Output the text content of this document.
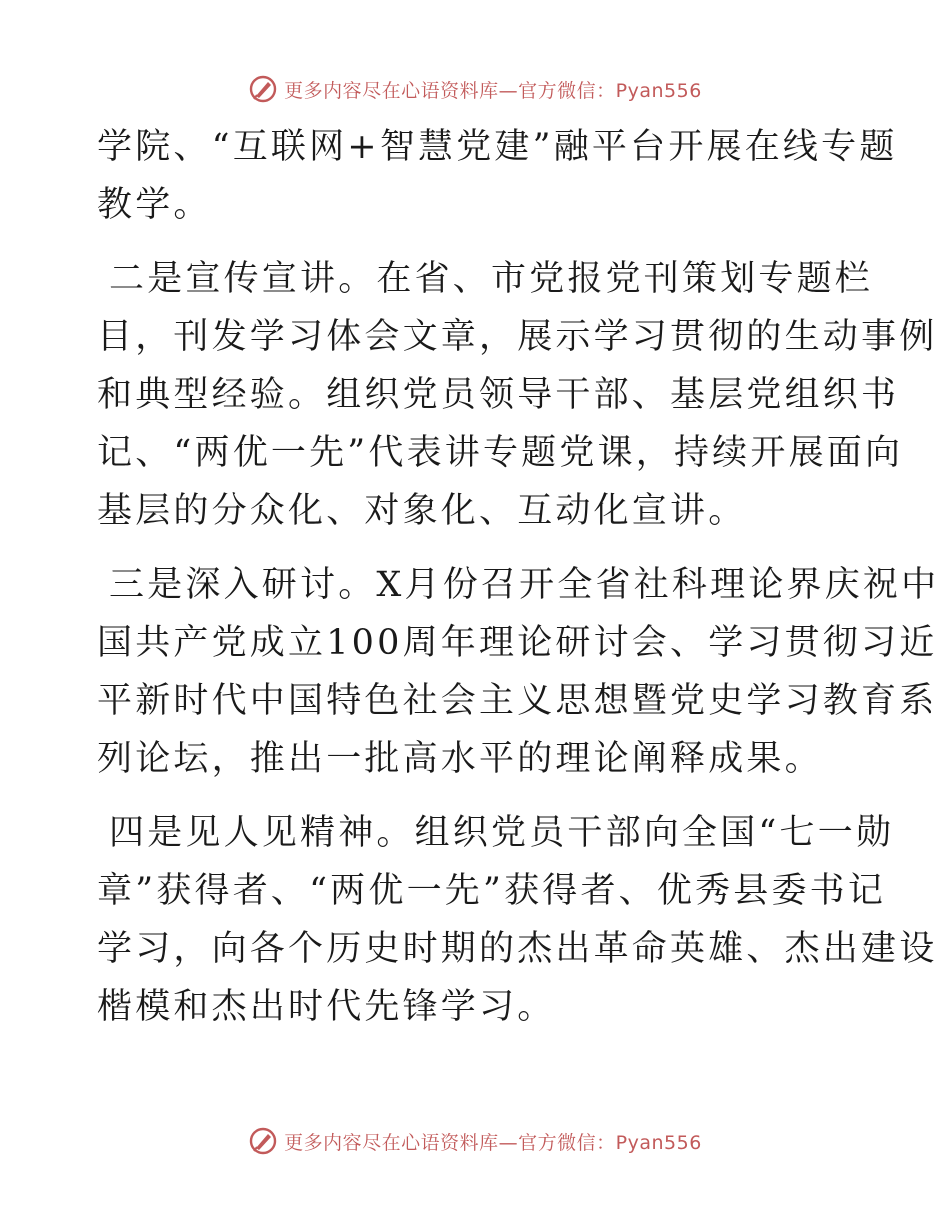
更多内容尽在心语资料库—官方微信：Pyan556
学院、“互联网+智慧党建”融平台开展在线专题
教学。
二是宣传宣讲。在省、市党报党刊策划专题栏
目，刊发学习体会文章，展示学习贯彻的生动事例
和典型经验。组织党员领导干部、基层党组织书
记、“两优一先”代表讲专题党课，持续开展面向
基层的分众化、对象化、互动化宣讲。
三是深入研讨。X月份召开全省社科理论界庆祝中
国共产党成立100周年理论研讨会、学习贯彻习近
平新时代中国特色社会主义思想暨党史学习教育系
列论坛，推出一批高水平的理论阐释成果。
四是见人见精神。组织党员干部向全国“七一勋
章”获得者、“两优一先”获得者、优秀县委书记
学习，向各个历史时期的杰出革命英雄、杰出建设
楷模和杰出时代先锋学习。
更多内容尽在心语资料库—官方微信：Pyan556
